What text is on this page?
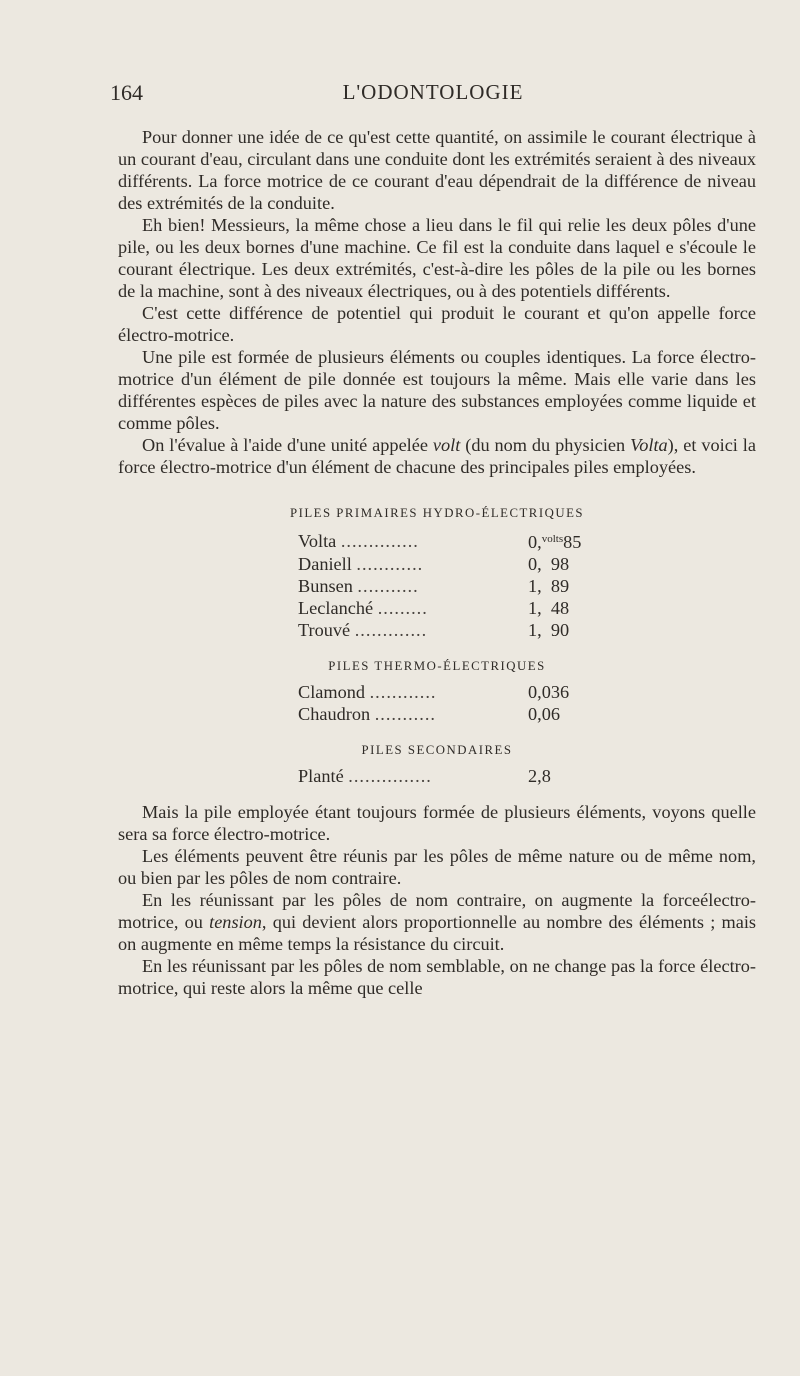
164	L'ODONTOLOGIE

Pour donner une idée de ce qu'est cette quantité, on assimile le courant électrique à un courant d'eau, circulant dans une conduite dont les extrémités seraient à des niveaux différents. La force motrice de ce courant d'eau dépendrait de la différence de niveau des extrémités de la conduite.

Eh bien! Messieurs, la même chose a lieu dans le fil qui relie les deux pôles d'une pile, ou les deux bornes d'une machine. Ce fil est la conduite dans laquel e s'écoule le courant électrique. Les deux extrémités, c'est-à-dire les pôles de la pile ou les bornes de la machine, sont à des niveaux électriques, ou à des potentiels différents.

C'est cette différence de potentiel qui produit le courant et qu'on appelle force électro-motrice.

Une pile est formée de plusieurs éléments ou couples identiques. La force électro-motrice d'un élément de pile donnée est toujours la même. Mais elle varie dans les différentes espèces de piles avec la nature des substances employées comme liquide et comme pôles.

On l'évalue à l'aide d'une unité appelée volt (du nom du physicien Volta), et voici la force électro-motrice d'un élément de chacune des principales piles employées.

PILES PRIMAIRES HYDRO-ÉLECTRIQUES
Volta ..............	0,$^{volts}$85
Daniell ............	0, 98
Bunsen ...........	1, 89
Leclanché .........	1, 48
Trouvé .............	1, 90
PILES THERMO-ÉLECTRIQUES
Clamond ............	0,036
Chaudron ...........	0,06
PILES SECONDAIRES
Planté ...............	2,8

Mais la pile employée étant toujours formée de plusieurs éléments, voyons quelle sera sa force électro-motrice.

Les éléments peuvent être réunis par les pôles de même nature ou de même nom, ou bien par les pôles de nom contraire.

En les réunissant par les pôles de nom contraire, on augmente la forceélectro-motrice, ou tension, qui devient alors proportionnelle au nombre des éléments ; mais on augmente en même temps la résistance du circuit.

En les réunissant par les pôles de nom semblable, on ne change pas la force électro-motrice, qui reste alors la même que celle
